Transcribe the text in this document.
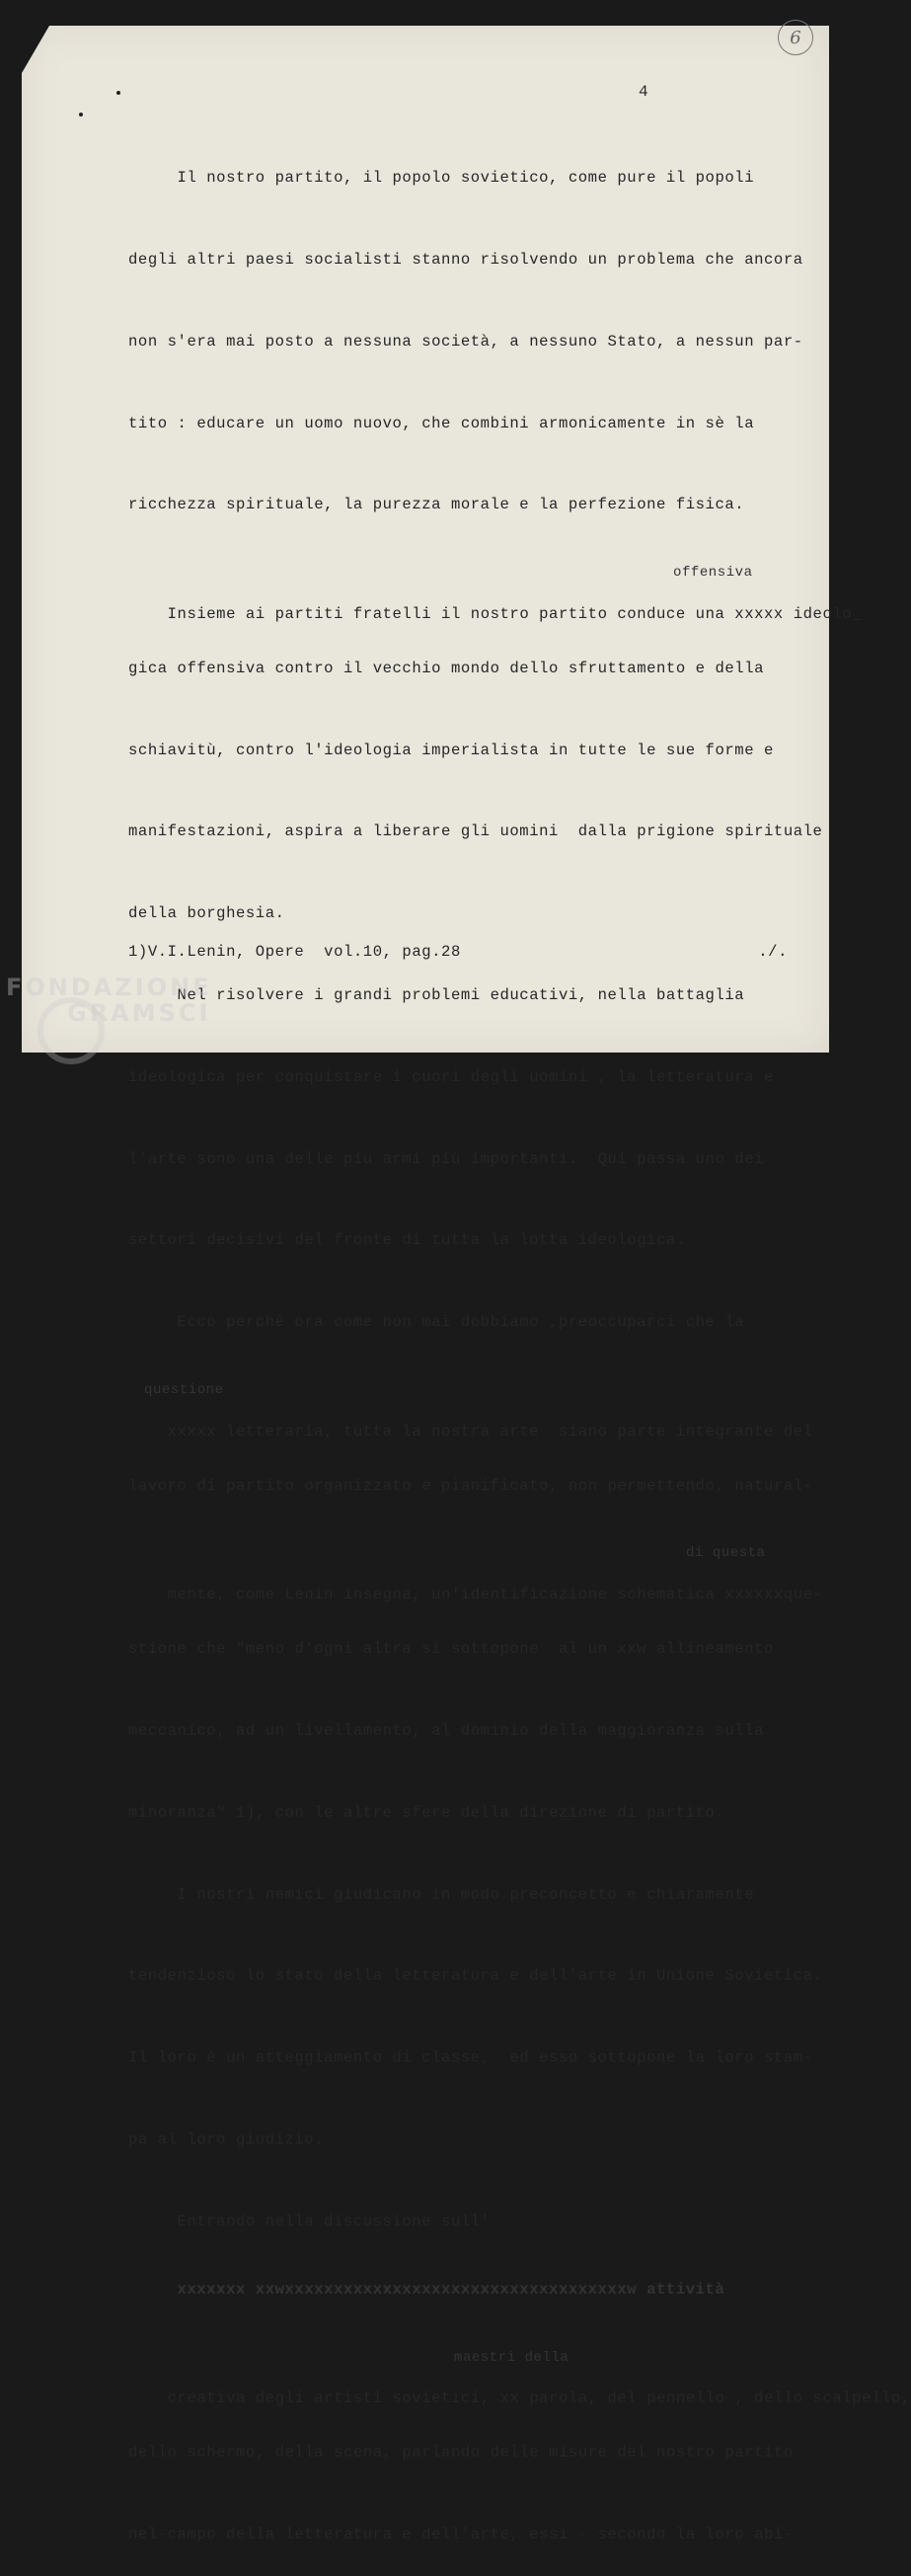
6
4

Il nostro partito, il popolo sovietico, come pure il popoli

degli altri paesi socialisti stanno risolvendo un problema che ancora

non s'era mai posto a nessuna società, a nessuno Stato, a nessun par-

tito : educare un uomo nuovo, che combini armonicamente in sè la

ricchezza spirituale, la purezza morale e la perfezione fisica.

Insieme ai partiti fratelli il nostro partito conduce una xxxxx ideolo_

offensiva

gica offensiva contro il vecchio mondo dello sfruttamento e della

schiavitù, contro l'ideologia imperialista in tutte le sue forme e

manifestazioni, aspira a liberare gli uomini  dalla prigione spirituale

della borghesia.

Nel risolvere i grandi problemi educativi, nella battaglia

ideologica per conquistare i cuori degli uomini , la letteratura e

l'arte sono una delle piu armi più importanti.  Qui passa uno dei

settori decisivi del fronte di tutta la lotta ideologica.

Ecco perchè ora come non mai dobbiamo ,preoccuparci che la

xxxxx letteraria, tutta la nostra arte  siano parte integrante del

questione

lavoro di partito organizzato e pianificato, non permettendo, natural-

mente, come Lenin insegna, un'identificazione schematica xxxxxxque-

di questa

stione che "meno d'ogni altra si sottopone  al un xxw allineamento

meccanico, ad un livellamento, al dominio della maggioranza sulla

minoranza" 1), con le altre sfere della direzione di partito.

I nostri nemici giudicano in modo preconcetto e chiaramente

tendenzioso lo stato della letteratura e dell'arte in Unione Sovietica.

Il loro è un atteggiamento di classe,  ed esso sottopone la loro stam-

pa al loro giudizio.

Entrando nella discussione sull'

xxxxxxx xxwxxxxxxxxxxxxxxxxxxxxxxxxxxxxxxxxxxxw attività

creativa degli artisti sovietici, xx parola, del pennello , dello scalpello,

maestri della

dello schermo, della scena, parlando delle misure del nostro partito

nel-campo della letteratura e dell'arte, essi - secondo la loro abi-

1)V.I.Lenin, Opere  vol.10, pag.28	./.
FONDAZIONE
GRAMSCI
